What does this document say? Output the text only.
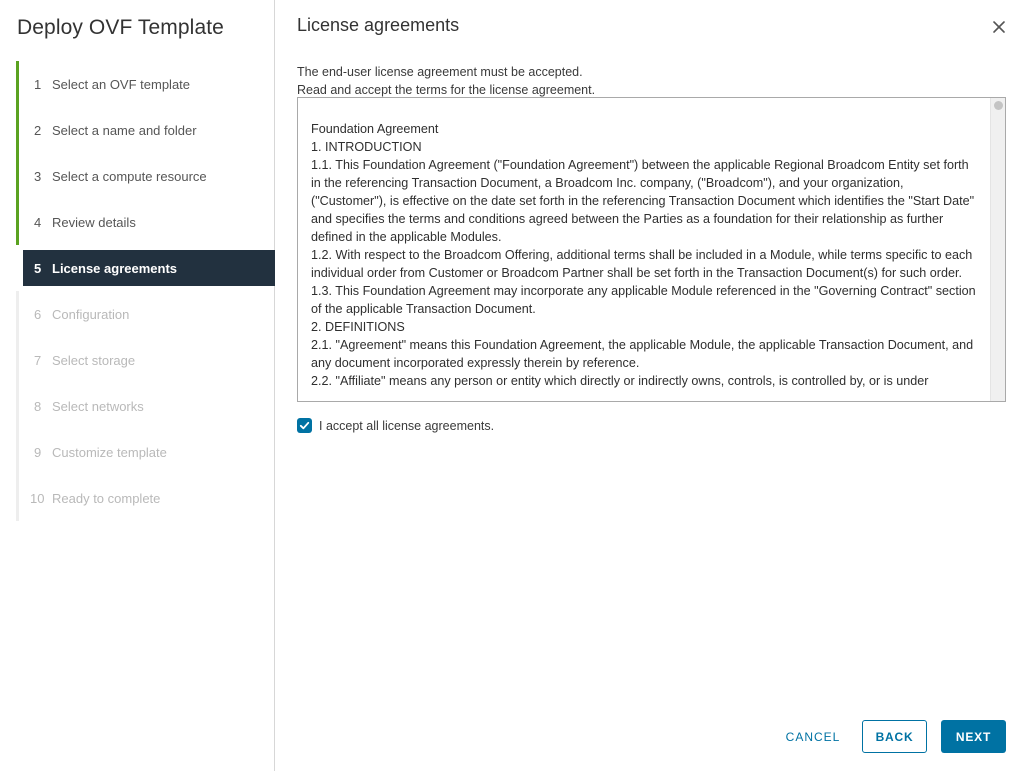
Deploy OVF Template
1 Select an OVF template
2 Select a name and folder
3 Select a compute resource
4 Review details
5 License agreements
6 Configuration
7 Select storage
8 Select networks
9 Customize template
10 Ready to complete
License agreements
The end-user license agreement must be accepted.
Read and accept the terms for the license agreement.

Foundation Agreement

1. INTRODUCTION

1.1. This Foundation Agreement ("Foundation Agreement") between the applicable Regional Broadcom Entity set forth in the referencing Transaction Document, a Broadcom Inc. company, ("Broadcom"), and your organization, ("Customer"), is effective on the date set forth in the referencing Transaction Document which identifies the "Start Date" and specifies the terms and conditions agreed between the Parties as a foundation for their relationship as further defined in the applicable Modules.

1.2. With respect to the Broadcom Offering, additional terms shall be included in a Module, while terms specific to each individual order from Customer or Broadcom Partner shall be set forth in the Transaction Document(s) for such order.

1.3. This Foundation Agreement may incorporate any applicable Module referenced in the "Governing Contract" section of the applicable Transaction Document.

2. DEFINITIONS

2.1. "Agreement" means this Foundation Agreement, the applicable Module, the applicable Transaction Document, and any document incorporated expressly therein by reference.

2.2. "Affiliate" means any person or entity which directly or indirectly owns, controls, is controlled by, or is under

I accept all license agreements.
CANCEL	BACK	NEXT
